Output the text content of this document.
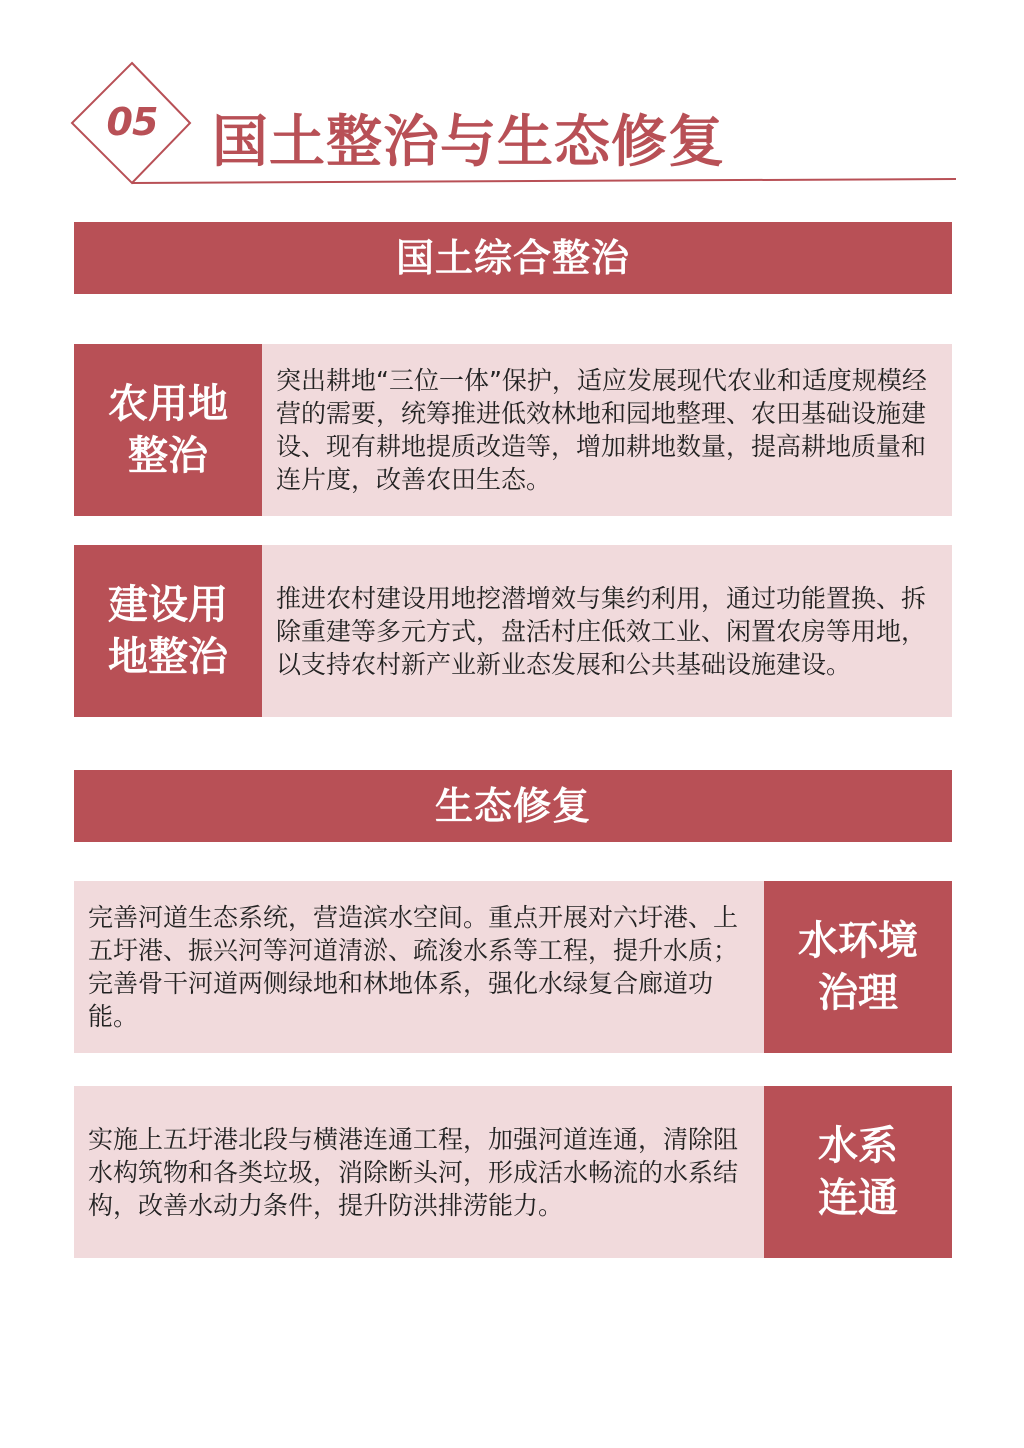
05 国土整治与生态修复
国土综合整治
农用地
整治
突出耕地“三位一体”保护，适应发展现代农业和适度规模经营的需要，统筹推进低效林地和园地整理、农田基础设施建设、现有耕地提质改造等，增加耕地数量，提高耕地质量和连片度，改善农田生态。
建设用
地整治
推进农村建设用地挖潜增效与集约利用，通过功能置换、拆除重建等多元方式，盘活村庄低效工业、闲置农房等用地，以支持农村新产业新业态发展和公共基础设施建设。
生态修复
完善河道生态系统，营造滨水空间。重点开展对六圩港、上五圩港、振兴河等河道清淤、疏浚水系等工程，提升水质；完善骨干河道两侧绿地和林地体系，强化水绿复合廊道功能。
水环境
治理
实施上五圩港北段与横港连通工程，加强河道连通，清除阻水构筑物和各类垃圾，消除断头河，形成活水畅流的水系结构，改善水动力条件，提升防洪排涝能力。
水系
连通
